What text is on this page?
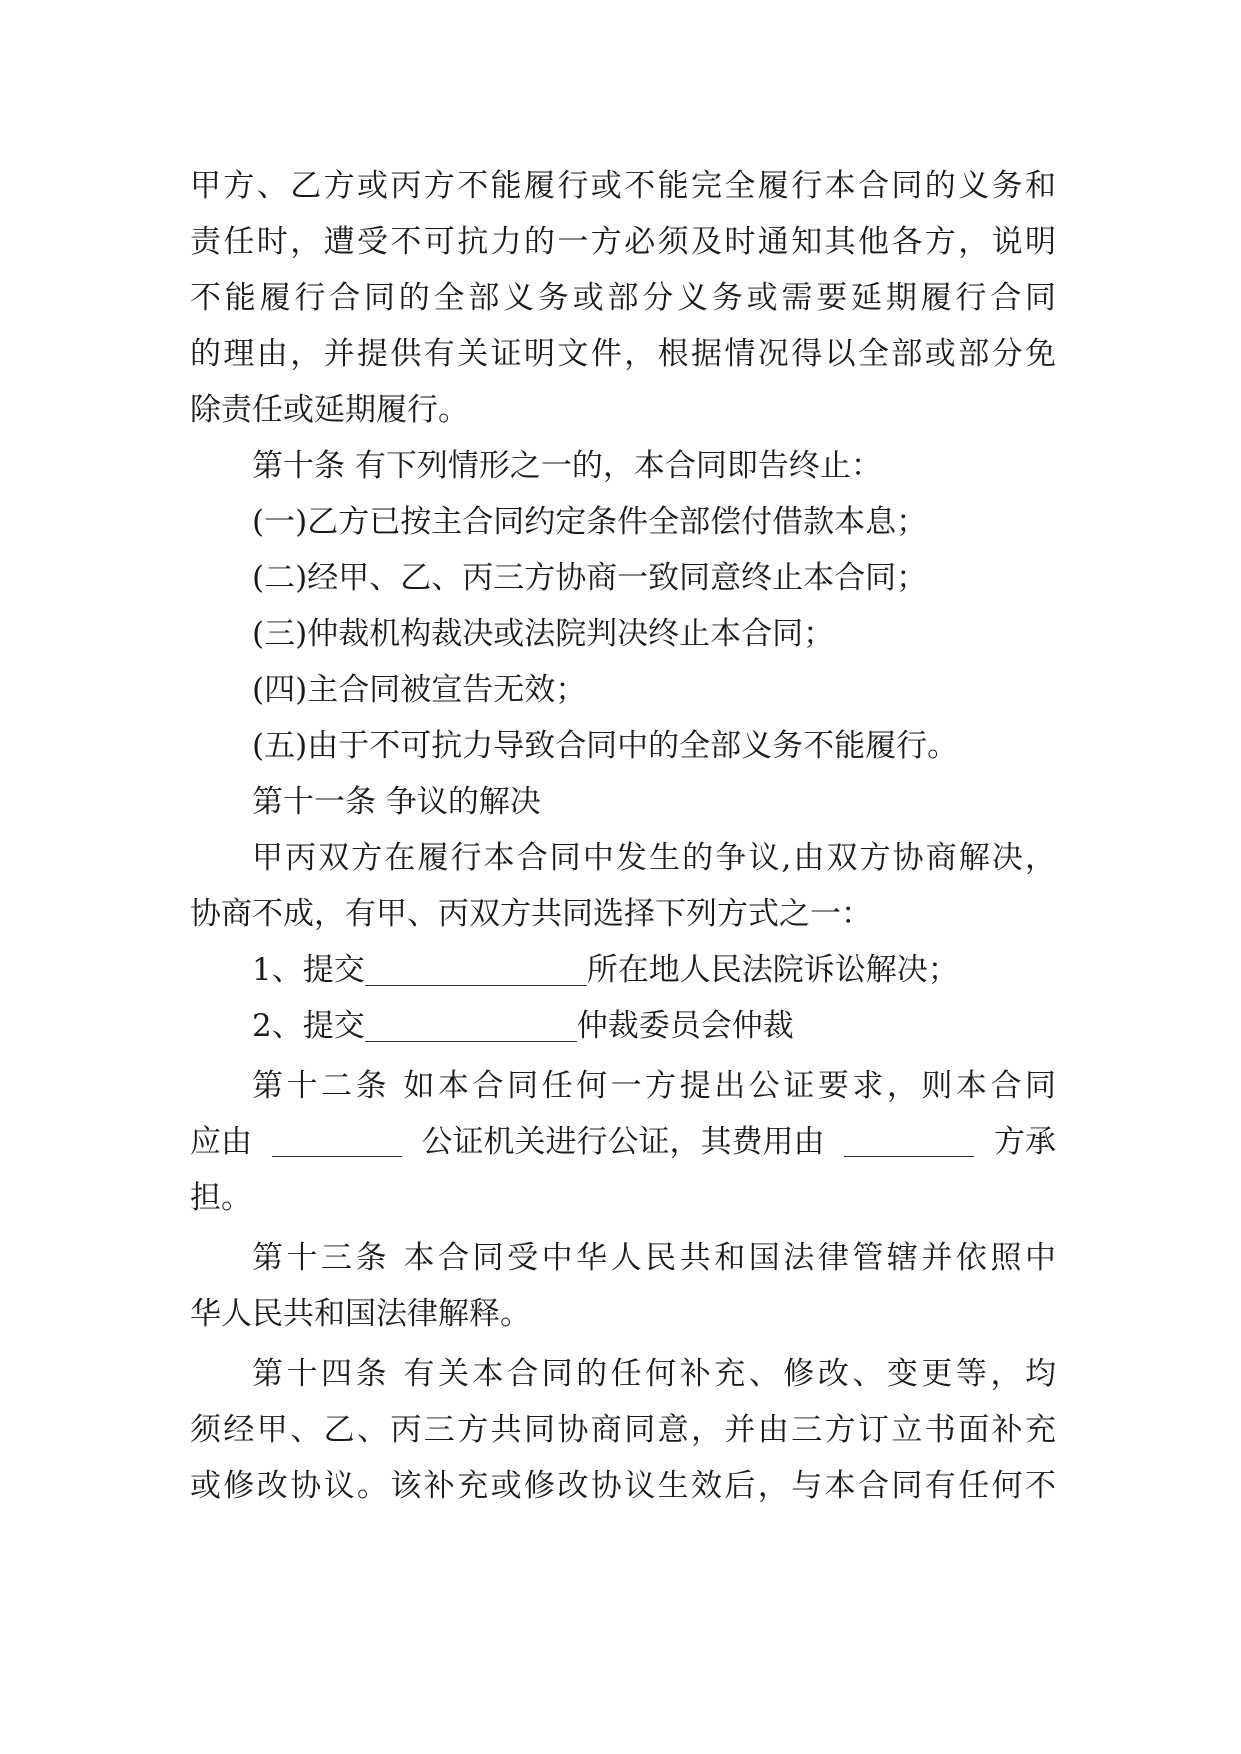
甲方、乙方或丙方不能履行或不能完全履行本合同的义务和
责任时，遭受不可抗力的一方必须及时通知其他各方，说明
不能履行合同的全部义务或部分义务或需要延期履行合同
的理由，并提供有关证明文件，根据情况得以全部或部分免
除责任或延期履行。
第十条 有下列情形之一的，本合同即告终止：
(一)乙方已按主合同约定条件全部偿付借款本息；
(二)经甲、乙、丙三方协商一致同意终止本合同；
(三)仲裁机构裁决或法院判决终止本合同；
(四)主合同被宣告无效；
(五)由于不可抗力导致合同中的全部义务不能履行。
第十一条 争议的解决
甲丙双方在履行本合同中发生的争议,由双方协商解决，
协商不成，有甲、丙双方共同选择下列方式之一：
1、提交	所在地人民法院诉讼解决；
2、提交	仲裁委员会仲裁
第十二条 如本合同任何一方提出公证要求，则本合同
应由	公证机关进行公证，其费用由	方承
担。
第十三条 本合同受中华人民共和国法律管辖并依照中
华人民共和国法律解释。
第十四条 有关本合同的任何补充、修改、变更等，均
须经甲、乙、丙三方共同协商同意，并由三方订立书面补充
或修改协议。该补充或修改协议生效后，与本合同有任何不
